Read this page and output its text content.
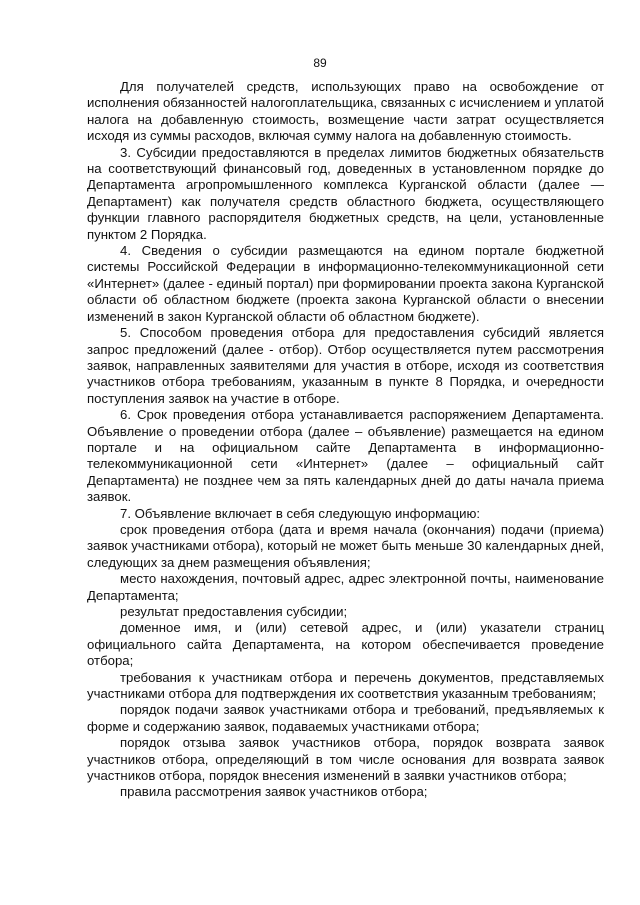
89

Для получателей средств, использующих право на освобождение от исполнения обязанностей налогоплательщика, связанных с исчислением и уплатой налога на добавленную стоимость, возмещение части затрат осуществляется исходя из суммы расходов, включая сумму налога на добавленную стоимость.

3. Субсидии предоставляются в пределах лимитов бюджетных обязательств на соответствующий финансовый год, доведенных в установленном порядке до Департамента агропромышленного комплекса Курганской области (далее — Департамент) как получателя средств областного бюджета, осуществляющего функции главного распорядителя бюджетных средств, на цели, установленные пунктом 2 Порядка.

4. Сведения о субсидии размещаются на едином портале бюджетной системы Российской Федерации в информационно-телекоммуникационной сети «Интернет» (далее - единый портал) при формировании проекта закона Курганской области об областном бюджете (проекта закона Курганской области о внесении изменений в закон Курганской области об областном бюджете).

5. Способом проведения отбора для предоставления субсидий является запрос предложений (далее - отбор). Отбор осуществляется путем рассмотрения заявок, направленных заявителями для участия в отборе, исходя из соответствия участников отбора требованиям, указанным в пункте 8 Порядка, и очередности поступления заявок на участие в отборе.

6. Срок проведения отбора устанавливается распоряжением Департамента. Объявление о проведении отбора (далее – объявление) размещается на едином портале и на официальном сайте Департамента в информационно-телекоммуникационной сети «Интернет» (далее – официальный сайт Департамента) не позднее чем за пять календарных дней до даты начала приема заявок.

7. Объявление включает в себя следующую информацию:

срок проведения отбора (дата и время начала (окончания) подачи (приема) заявок участниками отбора), который не может быть меньше 30 календарных дней, следующих за днем размещения объявления;

место нахождения, почтовый адрес, адрес электронной почты, наименование Департамента;

результат предоставления субсидии;

доменное имя, и (или) сетевой адрес, и (или) указатели страниц официального сайта Департамента, на котором обеспечивается проведение отбора;

требования к участникам отбора и перечень документов, представляемых участниками отбора для подтверждения их соответствия указанным требованиям;

порядок подачи заявок участниками отбора и требований, предъявляемых к форме и содержанию заявок, подаваемых участниками отбора;

порядок отзыва заявок участников отбора, порядок возврата заявок участников отбора, определяющий в том числе основания для возврата заявок участников отбора, порядок внесения изменений в заявки участников отбора;

правила рассмотрения заявок участников отбора;
